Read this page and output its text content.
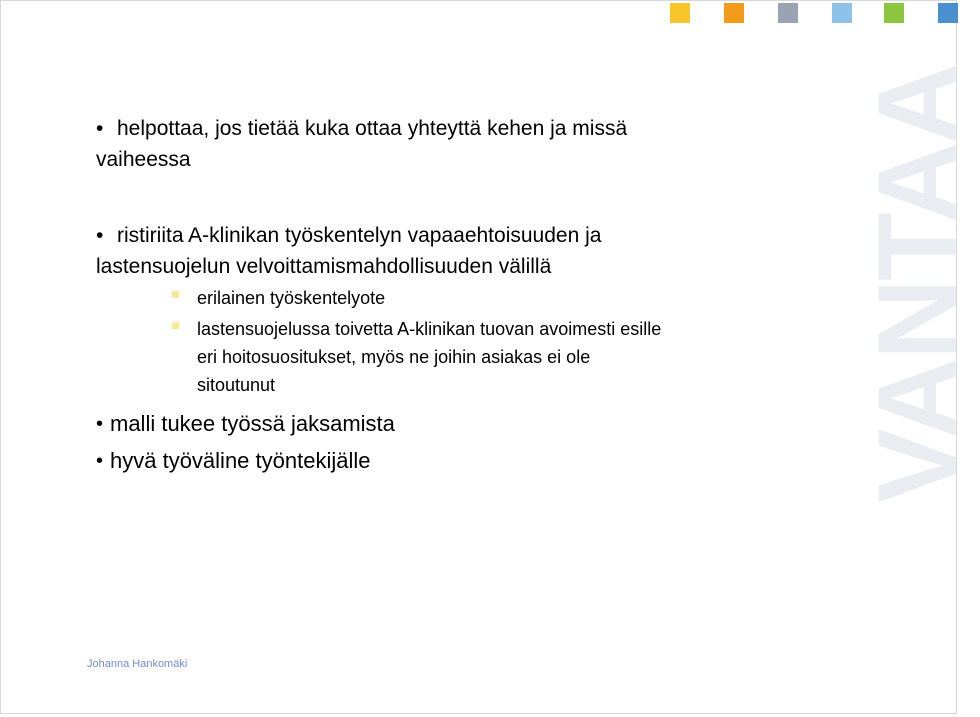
VANTAA
• helpottaa, jos tietää kuka ottaa yhteyttä kehen ja missä
vaiheessa
• ristiriita A-klinikan työskentelyn vapaaehtoisuuden ja
lastensuojelun velvoittamismahdollisuuden välillä
erilainen työskentelyote
lastensuojelussa toivetta A-klinikan tuovan avoimesti esille
eri hoitosuositukset, myös ne joihin asiakas ei ole
sitoutunut
• malli tukee työssä jaksamista
• hyvä työväline työntekijälle
Johanna Hankomäki
